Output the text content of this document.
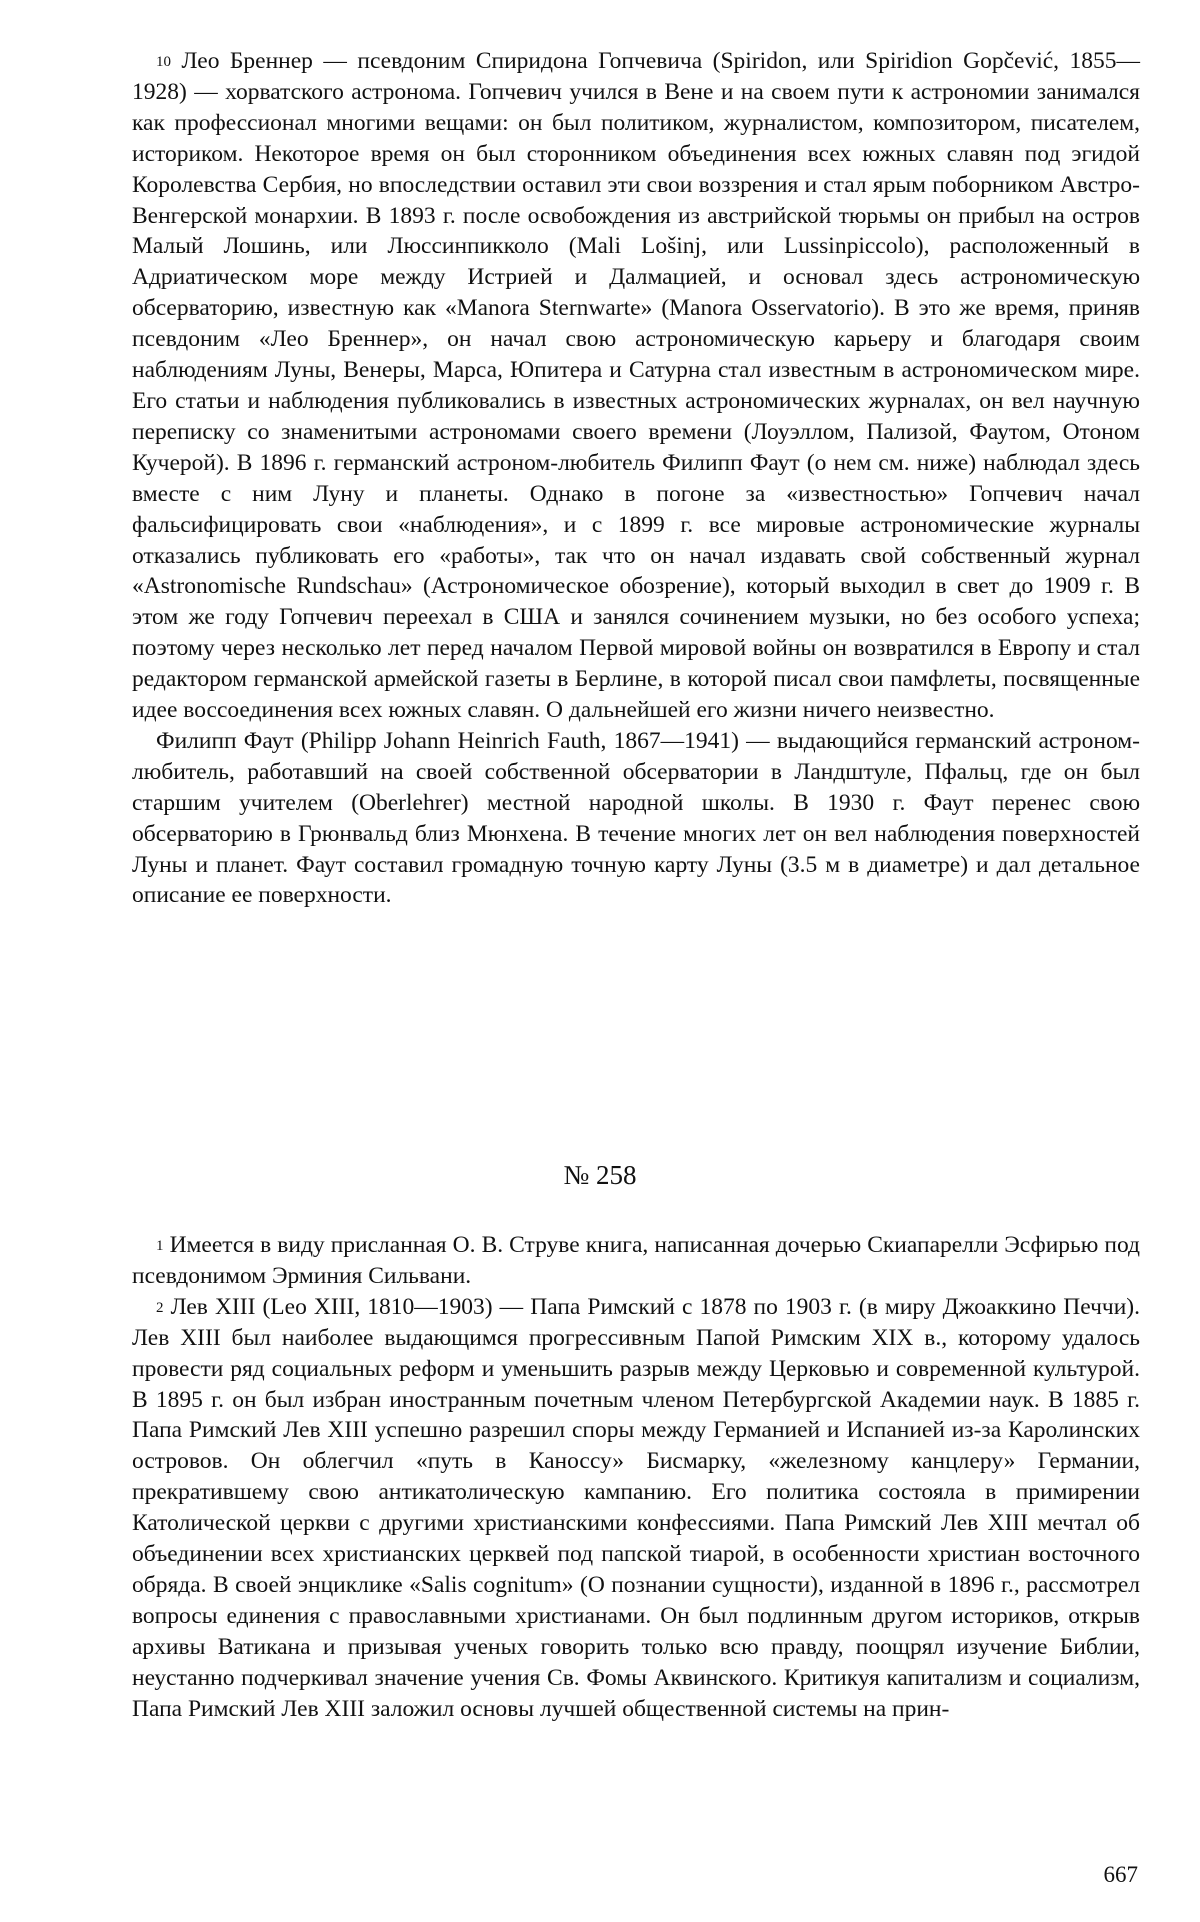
$^{10}$ Лео Бреннер — псевдоним Спиридона Гопчевича (Spiridon, или Spiridion Gopčević, 1855—1928) — хорватского астронома. Гопчевич учился в Вене и на своем пути к астрономии занимался как профессионал многими вещами: он был политиком, журналистом, композитором, писателем, историком. Некоторое время он был сторонником объединения всех южных славян под эгидой Королевства Сербия, но впоследствии оставил эти свои воззрения и стал ярым поборником Австро-Венгерской монархии. В 1893 г. после освобождения из австрийской тюрьмы он прибыл на остров Малый Лошинь, или Люссинпикколо (Mali Lošinj, или Lussinpiccolo), расположенный в Адриатическом море между Истрией и Далмацией, и основал здесь астрономическую обсерваторию, известную как «Manora Sternwarte» (Manora Osservatorio). В это же время, приняв псевдоним «Лео Бреннер», он начал свою астрономическую карьеру и благодаря своим наблюдениям Луны, Венеры, Марса, Юпитера и Сатурна стал известным в астрономическом мире. Его статьи и наблюдения публиковались в известных астрономических журналах, он вел научную переписку со знаменитыми астрономами своего времени (Лоуэллом, Пализой, Фаутом, Отоном Кучерой). В 1896 г. германский астроном-любитель Филипп Фаут (о нем см. ниже) наблюдал здесь вместе с ним Луну и планеты. Однако в погоне за «известностью» Гопчевич начал фальсифицировать свои «наблюдения», и с 1899 г. все мировые астрономические журналы отказались публиковать его «работы», так что он начал издавать свой собственный журнал «Astronomische Rundschau» (Астрономическое обозрение), который выходил в свет до 1909 г. В этом же году Гопчевич переехал в США и занялся сочинением музыки, но без особого успеха; поэтому через несколько лет перед началом Первой мировой войны он возвратился в Европу и стал редактором германской армейской газеты в Берлине, в которой писал свои памфлеты, посвященные идее воссоединения всех южных славян. О дальнейшей его жизни ничего неизвестно.

Филипп Фаут (Philipp Johann Heinrich Fauth, 1867—1941) — выдающийся германский астроном-любитель, работавший на своей собственной обсерватории в Ландштуле, Пфальц, где он был старшим учителем (Oberlehrer) местной народной школы. В 1930 г. Фаут перенес свою обсерваторию в Грюнвальд близ Мюнхена. В течение многих лет он вел наблюдения поверхностей Луны и планет. Фаут составил громадную точную карту Луны (3.5 м в диаметре) и дал детальное описание ее поверхности.

№ 258

$^1$ Имеется в виду присланная О. В. Струве книга, написанная дочерью Скиапарелли Эсфирью под псевдонимом Эрминия Сильвани.

$^2$ Лев XIII (Leo XIII, 1810—1903) — Папа Римский с 1878 по 1903 г. (в миру Джоаккино Печчи). Лев XIII был наиболее выдающимся прогрессивным Папой Римским XIX в., которому удалось провести ряд социальных реформ и уменьшить разрыв между Церковью и современной культурой. В 1895 г. он был избран иностранным почетным членом Петербургской Академии наук. В 1885 г. Папа Римский Лев XIII успешно разрешил споры между Германией и Испанией из-за Каролинских островов. Он облегчил «путь в Каноссу» Бисмарку, «железному канцлеру» Германии, прекратившему свою антикатолическую кампанию. Его политика состояла в примирении Католической церкви с другими христианскими конфессиями. Папа Римский Лев XIII мечтал об объединении всех христианских церквей под папской тиарой, в особенности христиан восточного обряда. В своей энциклике «Salis cognitum» (О познании сущности), изданной в 1896 г., рассмотрел вопросы единения с православными христианами. Он был подлинным другом историков, открыв архивы Ватикана и призывая ученых говорить только всю правду, поощрял изучение Библии, неустанно подчеркивал значение учения Св. Фомы Аквинского. Критикуя капитализм и социализм, Папа Римский Лев XIII заложил основы лучшей общественной системы на прин-

667
